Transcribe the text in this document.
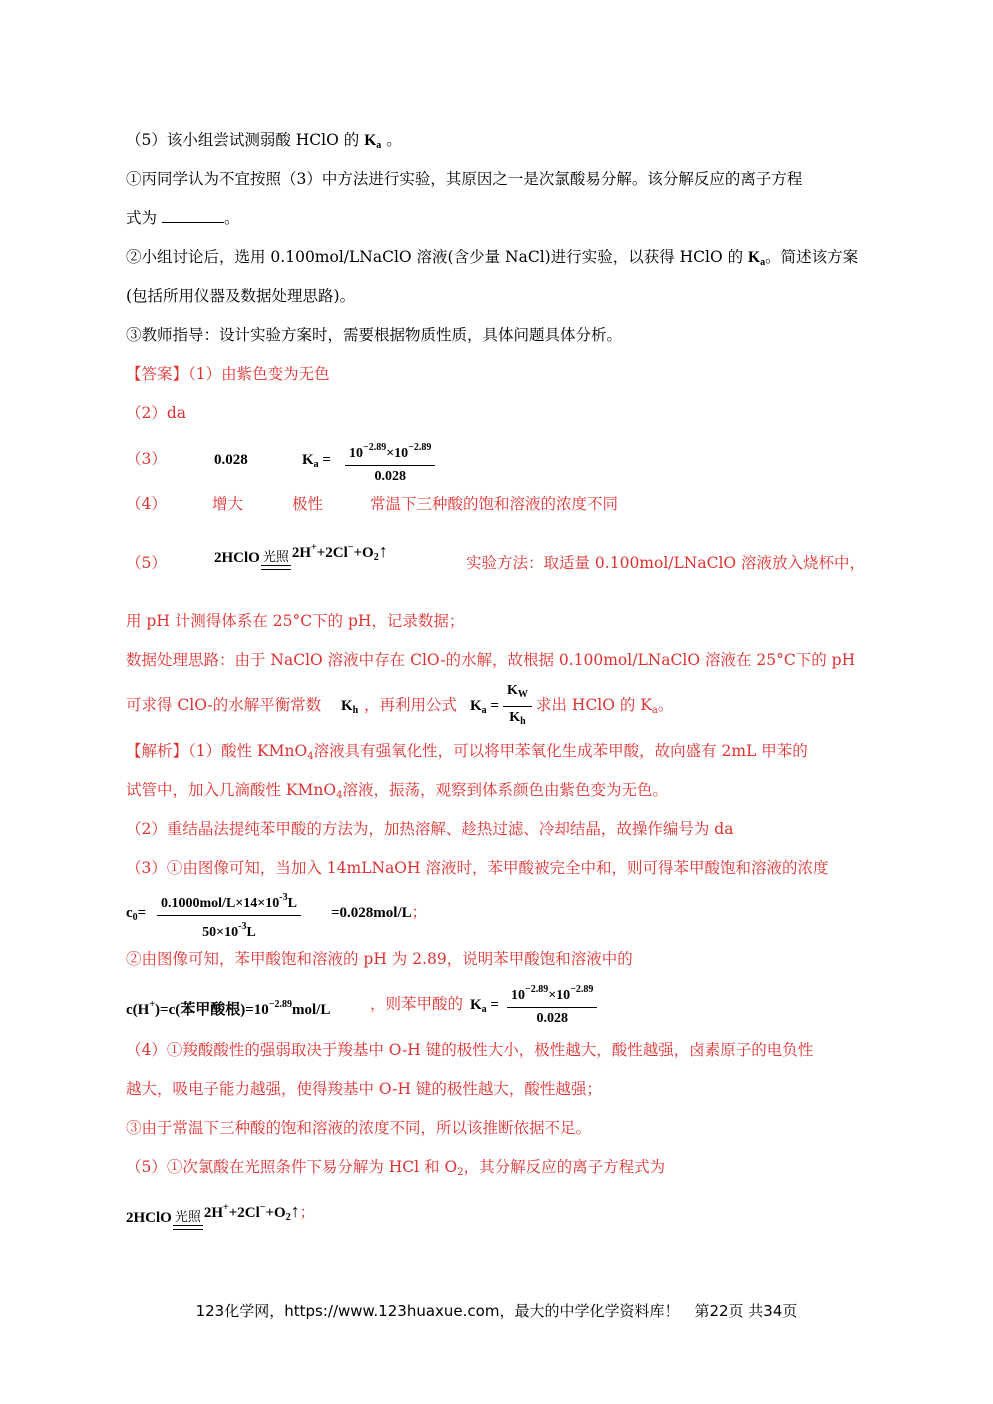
（5）该小组尝试测弱酸 HClO 的 $K_a$ 。
①丙同学认为不宜按照（3）中方法进行实验，其原因之一是次氯酸易分解。该分解反应的离子方程
式为	。
②小组讨论后，选用 0.100mol/LNaClO 溶液(含少量 NaCl)进行实验，以获得 HClO 的 $K_a$。简述该方案
(包括所用仪器及数据处理思路)。
③教师指导：设计实验方案时，需要根据物质性质，具体问题具体分析。
【答案】（1）由紫色变为无色
（2）da
（3）	0.028	$K_a = \frac{10^{-2.89}\times 10^{-2.89}}{0.028}$
（4）	增大	极性	常温下三种酸的饱和溶液的浓度不同
（5）	2HClO 光照 $2H^++2Cl^-+O_2↑$
实验方法：取适量 0.100mol/LNaClO 溶液放入烧杯中，
用 pH 计测得体系在 25°C下的 pH，记录数据；
数据处理思路：由于 NaClO 溶液中存在 ClO-的水解，故根据 0.100mol/LNaClO 溶液在 25°C下的 pH
可求得 ClO-的水解平衡常数 $K_h$ ，再利用公式 $K_a = \frac{K_W}{K_h}$ 求出 HClO 的 $K_a$。
【解析】（1）酸性 KMnO$_4$溶液具有强氧化性，可以将甲苯氧化生成苯甲酸，故向盛有 2mL 甲苯的
试管中，加入几滴酸性 KMnO$_4$溶液，振荡，观察到体系颜色由紫色变为无色。
（2）重结晶法提纯苯甲酸的方法为，加热溶解、趁热过滤、冷却结晶，故操作编号为 da
（3）①由图像可知，当加入 14mLNaOH 溶液时，苯甲酸被完全中和，则可得苯甲酸饱和溶液的浓度
$c_0=$
$0.1000mol/L\times 14\times 10^{-3}L$
$50\times 10^{-3}L$
=0.028mol/L；
②由图像可知，苯甲酸饱和溶液的 pH 为 2.89，说明苯甲酸饱和溶液中的
c(H+)=c(苯甲酸根)$=10^{-2.89}mol/L$	，则苯甲酸的 $K_a = \frac{10^{-2.89}\times 10^{-2.89}}{0.028}$
（4）①羧酸酸性的强弱取决于羧基中 O-H 键的极性大小，极性越大，酸性越强，卤素原子的电负性
越大，吸电子能力越强，使得羧基中 O-H 键的极性越大，酸性越强；
③由于常温下三种酸的饱和溶液的浓度不同，所以该推断依据不足。
（5）①次氯酸在光照条件下易分解为 HCl 和 $O_2$，其分解反应的离子方程式为
2HClO 光照 $2H^++2Cl^-+O_2↑$；
123化学网，https://www.123huaxue.com，最大的中学化学资料库！　第22页 共34页
